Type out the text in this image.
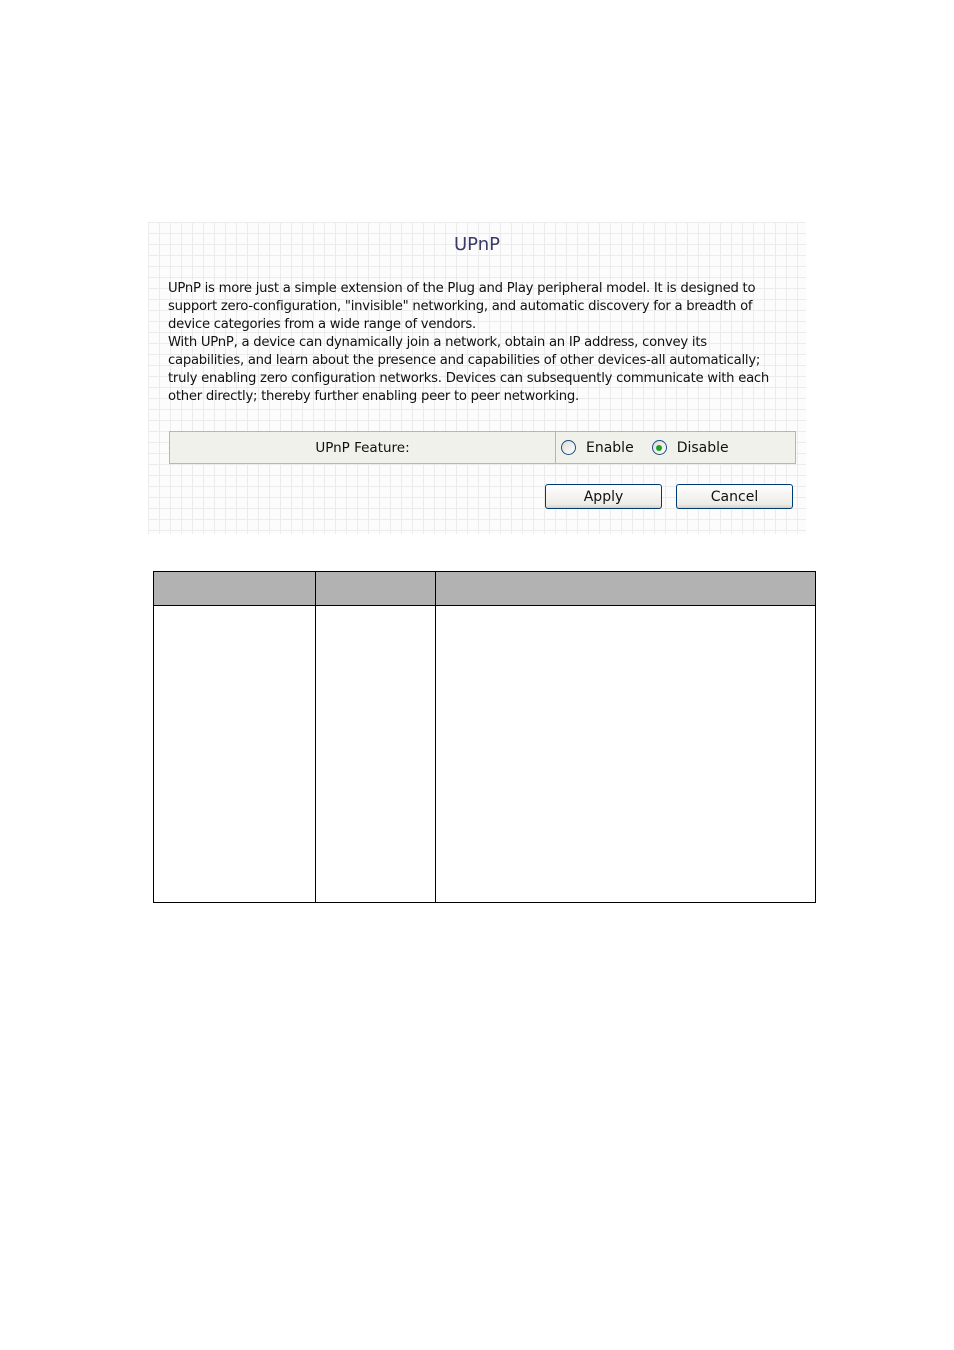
UPnP
UPnP is more just a simple extension of the Plug and Play peripheral model. It is designed to
support zero-configuration, "invisible" networking, and automatic discovery for a breadth of
device categories from a wide range of vendors.
With UPnP, a device can dynamically join a network, obtain an IP address, convey its
capabilities, and learn about the presence and capabilities of other devices-all automatically;
truly enabling zero configuration networks. Devices can subsequently communicate with each
other directly; thereby further enabling peer to peer networking.
UPnP Feature:	Enable	Disable
Apply	Cancel
